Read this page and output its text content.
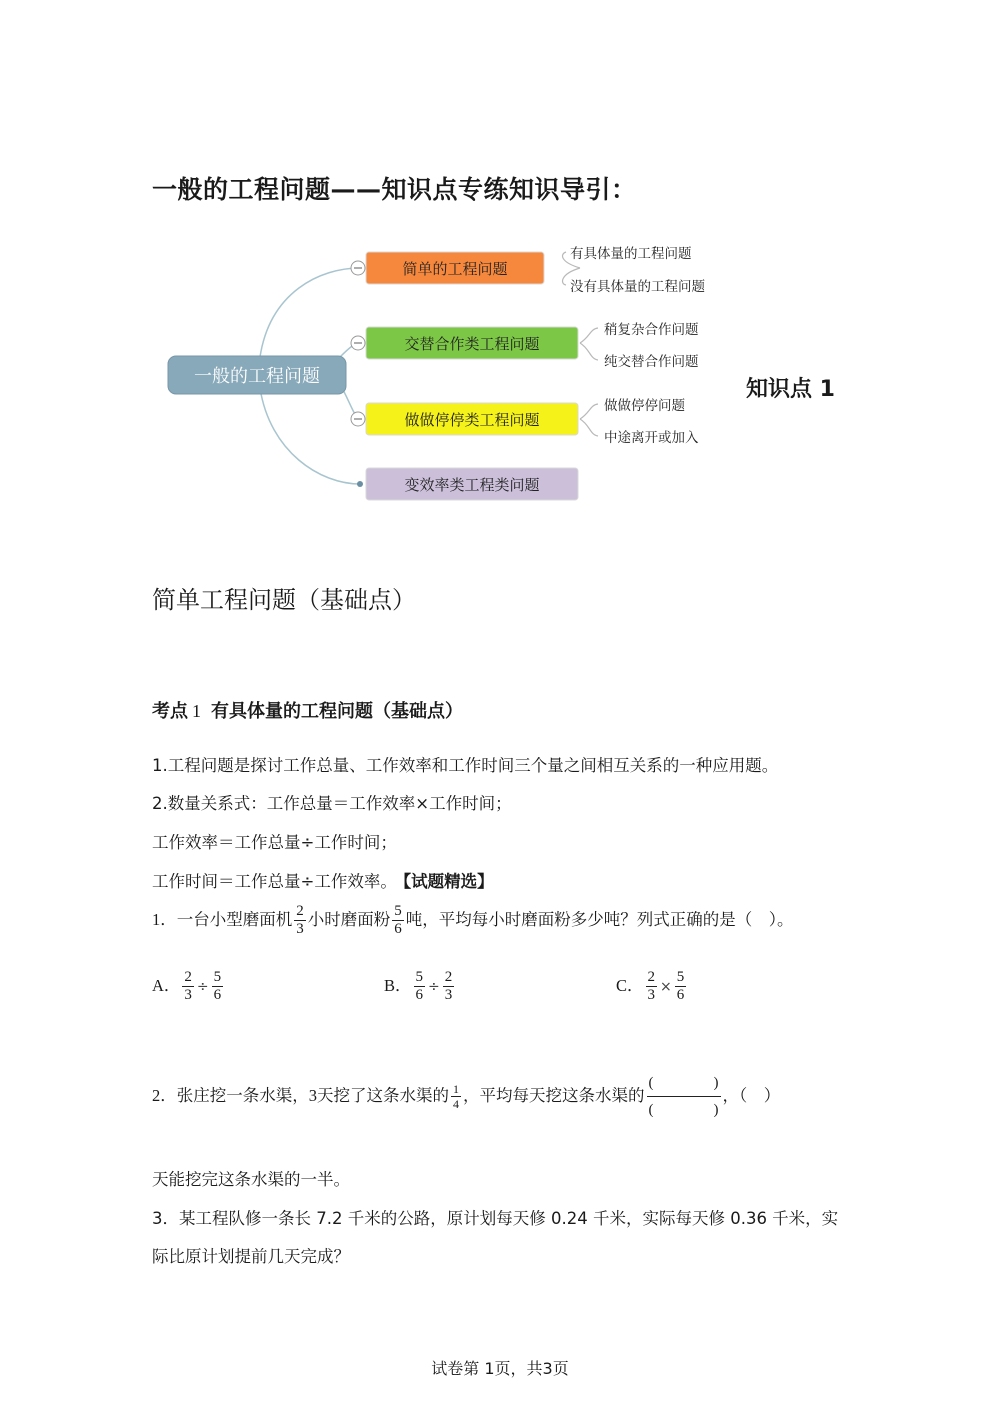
一般的工程问题——知识点专练知识导引：
一般的工程问题
简单的工程问题
有具体量的工程问题
没有具体量的工程问题
交替合作类工程问题
稍复杂合作问题
纯交替合作问题
做做停停类工程问题
做做停停问题
中途离开或加入
变效率类工程类问题
知识点 1
简单工程问题（基础点）
考点 1 有具体量的工程问题（基础点）
1.工程问题是探讨工作总量、工作效率和工作时间三个量之间相互关系的一种应用题。
2.数量关系式：工作总量＝工作效率×工作时间；
工作效率＝工作总量÷工作时间；
工作时间＝工作总量÷工作效率。 【试题精选】
1．一台小型磨面机 $\frac{2}{3}$ 小时磨面粉 $\frac{5}{6}$ 吨，平均每小时磨面粉多少吨？列式正确的是（　）。
A． $\frac{2}{3} \div \frac{5}{6}$	B． $\frac{5}{6} \div \frac{2}{3}$	C． $\frac{2}{3} \times \frac{5}{6}$
2．张庄挖一条水渠，3天挖了这条水渠的 $\frac{1}{4}$ ，平均每天挖这条水渠的 $\frac{( )}{( )}$ ，（　）
天能挖完这条水渠的一半。
3．某工程队修一条长 7.2 千米的公路，原计划每天修 0.24 千米，实际每天修 0.36 千米，实
际比原计划提前几天完成？
试卷第 1页，共3页
